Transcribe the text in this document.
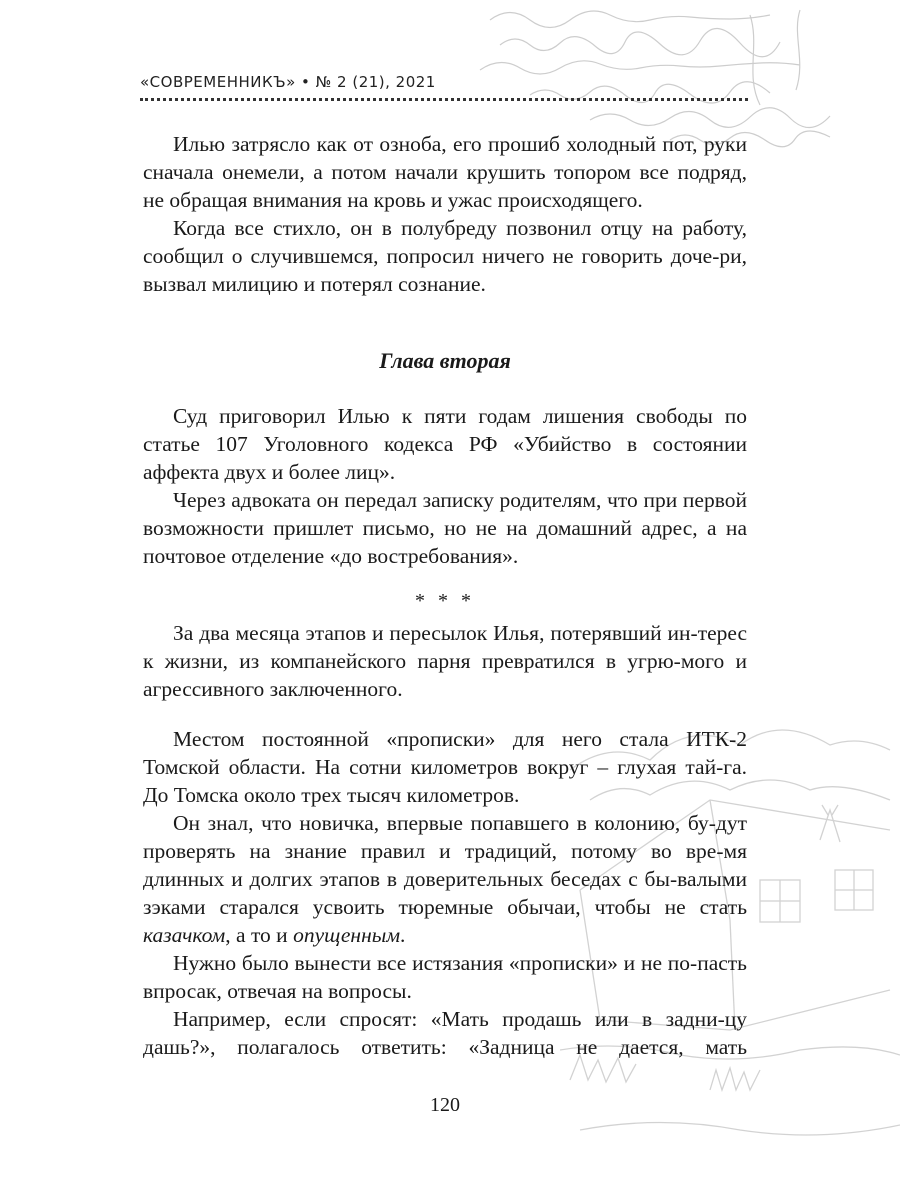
«СОВРЕМЕННИКЪ» • № 2 (21), 2021

Илью затрясло как от озноба, его прошиб холодный пот, руки сначала онемели, а потом начали крушить топором все подряд, не обращая внимания на кровь и ужас происходящего.

Когда все стихло, он в полубреду позвонил отцу на работу, сообщил о случившемся, попросил ничего не говорить доче-ри, вызвал милицию и потерял сознание.

Глава вторая

Суд приговорил Илью к пяти годам лишения свободы по статье 107 Уголовного кодекса РФ «Убийство в состоянии аффекта двух и более лиц».

Через адвоката он передал записку родителям, что при первой возможности пришлет письмо, но не на домашний адрес, а на почтовое отделение «до востребования».

* * *

За два месяца этапов и пересылок Илья, потерявший ин-терес к жизни, из компанейского парня превратился в угрю-мого и агрессивного заключенного.

Местом постоянной «прописки» для него стала ИТК-2 Томской области. На сотни километров вокруг – глухая тай-га. До Томска около трех тысяч километров.

Он знал, что новичка, впервые попавшего в колонию, бу-дут проверять на знание правил и традиций, потому во вре-мя длинных и долгих этапов в доверительных беседах с бы-валыми зэками старался усвоить тюремные обычаи, чтобы не стать казачком, а то и опущенным.

Нужно было вынести все истязания «прописки» и не по-пасть впросак, отвечая на вопросы.

Например, если спросят: «Мать продашь или в задни-цу дашь?», полагалось ответить: «Задница не дается, мать

120
